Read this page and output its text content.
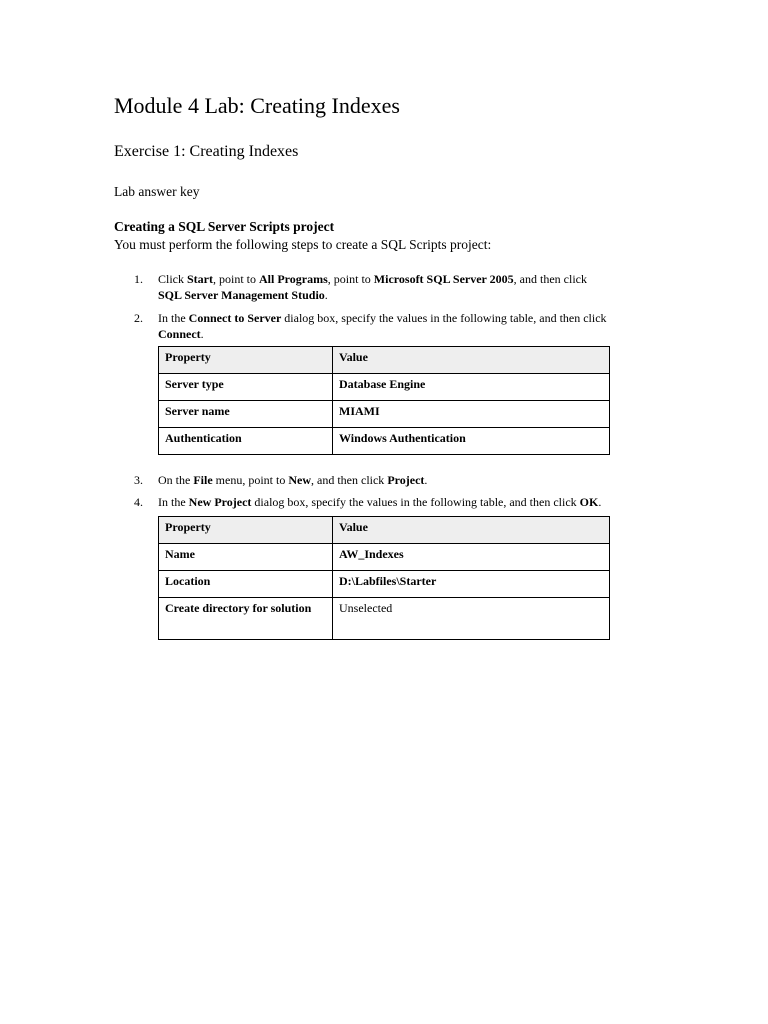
Module 4 Lab: Creating Indexes
Exercise 1: Creating Indexes
Lab answer key
Creating a SQL Server Scripts project
You must perform the following steps to create a SQL Scripts project:
1.	Click Start, point to All Programs, point to Microsoft SQL Server 2005, and then click
SQL Server Management Studio.
2.	In the Connect to Server dialog box, specify the values in the following table, and then click
Connect.
Property	Value
Server type	Database Engine
Server name	MIAMI
Authentication	Windows Authentication
3.	On the File menu, point to New, and then click Project.
4.	In the New Project dialog box, specify the values in the following table, and then click OK.
Property	Value
Name	AW_Indexes
Location	D:\Labfiles\Starter
Create directory for solution	Unselected
